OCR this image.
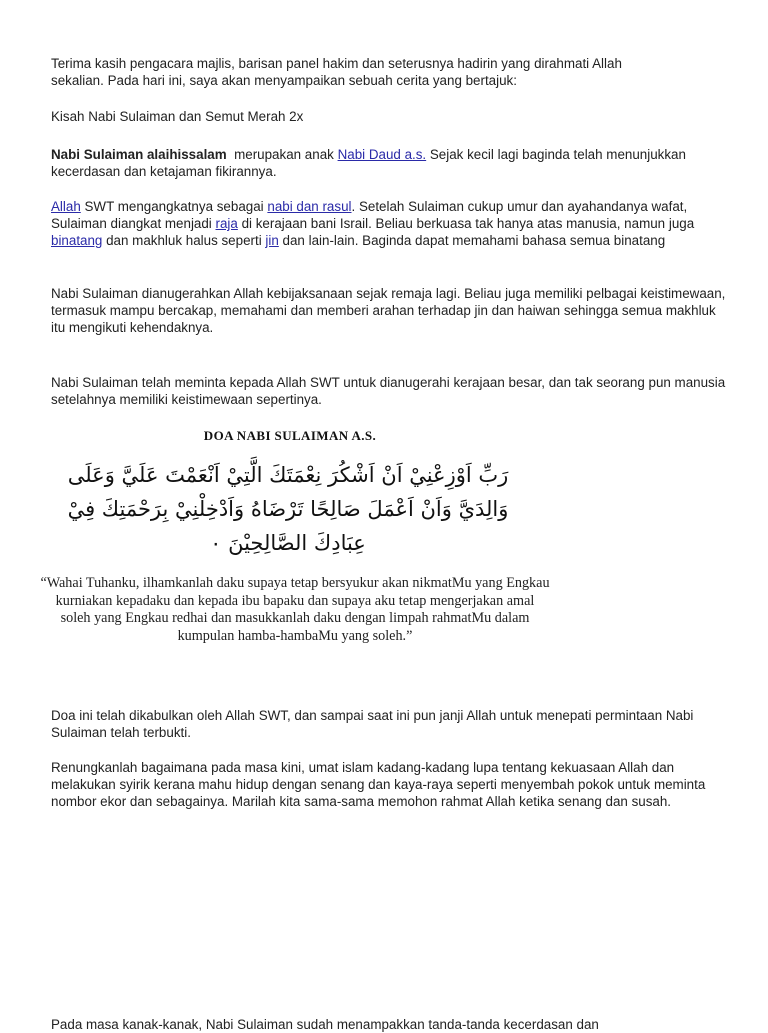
Terima kasih pengacara majlis, barisan panel hakim dan seterusnya hadirin yang dirahmati Allah
sekalian. Pada hari ini, saya akan menyampaikan sebuah cerita yang bertajuk:

Kisah Nabi Sulaiman dan Semut Merah 2x

Nabi Sulaiman alaihissalam  merupakan anak Nabi Daud a.s. Sejak kecil lagi baginda telah menunjukkan kecerdasan dan ketajaman fikirannya.

Allah SWT mengangkatnya sebagai nabi dan rasul. Setelah Sulaiman cukup umur dan ayahandanya wafat, Sulaiman diangkat menjadi raja di kerajaan bani Israil. Beliau berkuasa tak hanya atas manusia, namun juga binatang dan makhluk halus seperti jin dan lain-lain. Baginda dapat memahami bahasa semua binatang

Nabi Sulaiman dianugerahkan Allah kebijaksanaan sejak remaja lagi. Beliau juga memiliki pelbagai keistimewaan, termasuk mampu bercakap, memahami dan memberi arahan terhadap jin dan haiwan sehingga semua makhluk itu mengikuti kehendaknya.

Nabi Sulaiman telah meminta kepada Allah SWT untuk dianugerahi kerajaan besar, dan tak seorang pun manusia setelahnya memiliki keistimewaan sepertinya.

DOA NABI SULAIMAN A.S.
رَبِّ اَوْزِعْنِيْ اَنْ اَشْكُرَ نِعْمَتَكَ الَّتِيْ اَنْعَمْتَ عَلَيَّ وَعَلَى وَالِدَيَّ وَاَنْ اَعْمَلَ صَالِحًا تَرْضَاهُ وَاَدْخِلْنِيْ بِرَحْمَتِكَ فِيْ عِبَادِكَ الصَّالِحِيْنَ ٠
“Wahai Tuhanku, ilhamkanlah daku supaya tetap bersyukur akan nikmatMu yang Engkau kurniakan kepadaku dan kepada ibu bapaku dan supaya aku tetap mengerjakan amal soleh yang Engkau redhai dan masukkanlah daku dengan limpah rahmatMu dalam kumpulan hamba-hambaMu yang soleh.”

Doa ini telah dikabulkan oleh Allah SWT, dan sampai saat ini pun janji Allah untuk menepati permintaan Nabi Sulaiman telah terbukti.

Renungkanlah bagaimana pada masa kini, umat islam kadang-kadang lupa tentang kekuasaan Allah dan melakukan syirik kerana mahu hidup dengan senang dan kaya-raya seperti menyembah pokok untuk meminta nombor ekor dan sebagainya. Marilah kita sama-sama memohon rahmat Allah ketika senang dan susah.

Pada masa kanak-kanak, Nabi Sulaiman sudah menampakkan tanda-tanda kecerdasan dan
